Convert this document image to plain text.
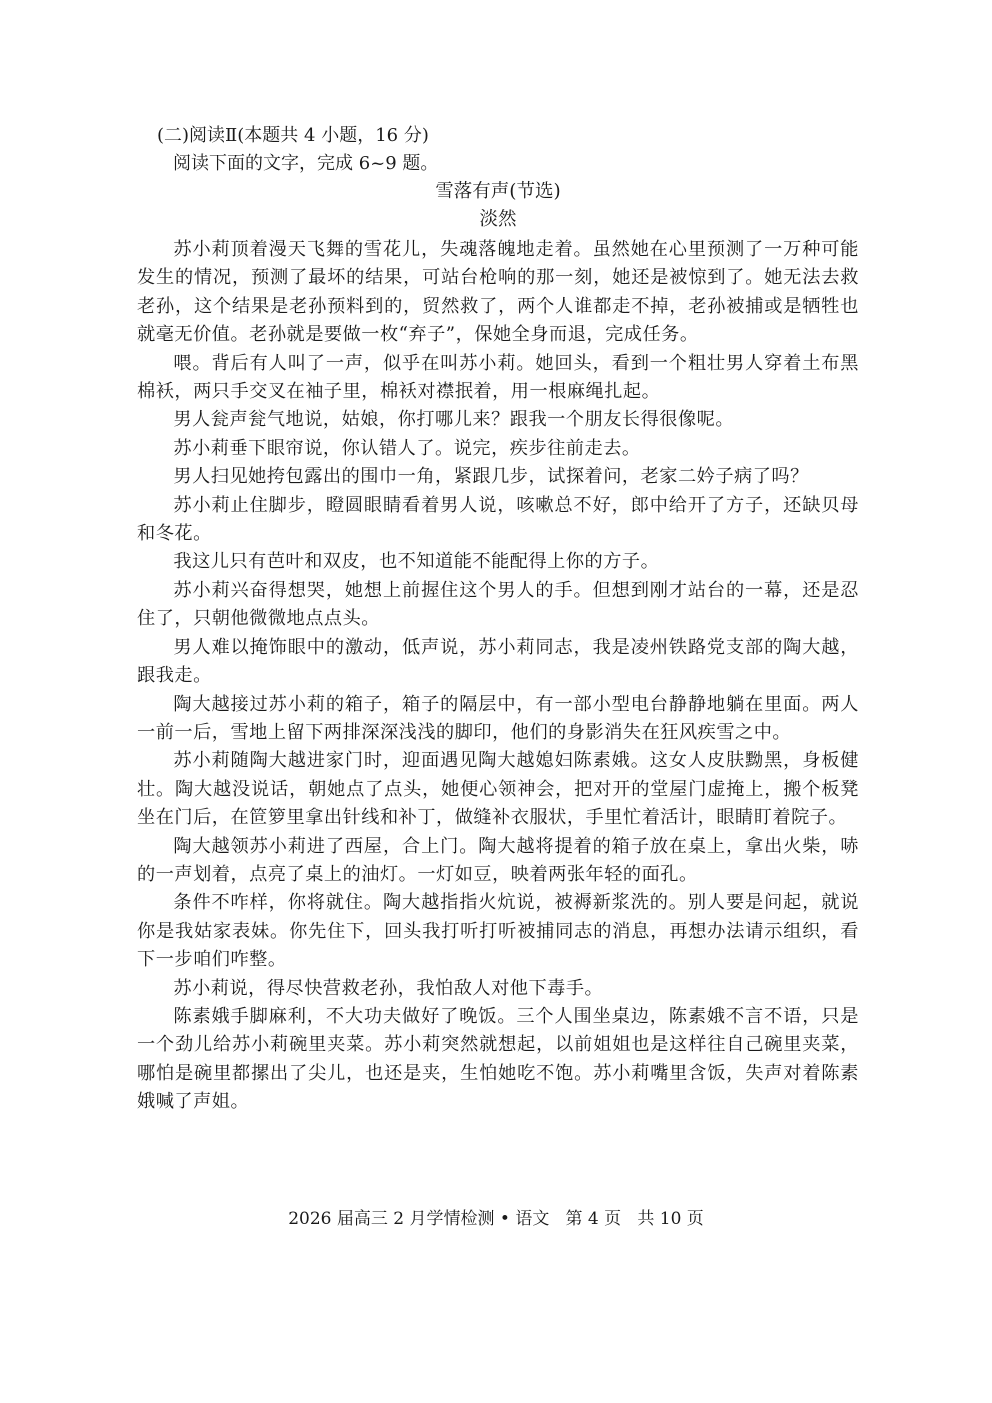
(二)阅读Ⅱ(本题共 4 小题，16 分)

阅读下面的文字，完成 6~9 题。

雪落有声(节选)

淡然

苏小莉顶着漫天飞舞的雪花儿，失魂落魄地走着。虽然她在心里预测了一万种可能发生的情况，预测了最坏的结果，可站台枪响的那一刻，她还是被惊到了。她无法去救老孙，这个结果是老孙预料到的，贸然救了，两个人谁都走不掉，老孙被捕或是牺牲也就毫无价值。老孙就是要做一枚“弃子”，保她全身而退，完成任务。

喂。背后有人叫了一声，似乎在叫苏小莉。她回头，看到一个粗壮男人穿着土布黑棉袄，两只手交叉在袖子里，棉袄对襟抿着，用一根麻绳扎起。

男人瓮声瓮气地说，姑娘，你打哪儿来？跟我一个朋友长得很像呢。

苏小莉垂下眼帘说，你认错人了。说完，疾步往前走去。

男人扫见她挎包露出的围巾一角，紧跟几步，试探着问，老家二妗子病了吗？

苏小莉止住脚步，瞪圆眼睛看着男人说，咳嗽总不好，郎中给开了方子，还缺贝母和冬花。

我这儿只有芭叶和双皮，也不知道能不能配得上你的方子。

苏小莉兴奋得想哭，她想上前握住这个男人的手。但想到刚才站台的一幕，还是忍住了，只朝他微微地点点头。

男人难以掩饰眼中的激动，低声说，苏小莉同志，我是凌州铁路党支部的陶大越，跟我走。

陶大越接过苏小莉的箱子，箱子的隔层中，有一部小型电台静静地躺在里面。两人一前一后，雪地上留下两排深深浅浅的脚印，他们的身影消失在狂风疾雪之中。

苏小莉随陶大越进家门时，迎面遇见陶大越媳妇陈素娥。这女人皮肤黝黑，身板健壮。陶大越没说话，朝她点了点头，她便心领神会，把对开的堂屋门虚掩上，搬个板凳坐在门后，在笸箩里拿出针线和补丁，做缝补衣服状，手里忙着活计，眼睛盯着院子。

陶大越领苏小莉进了西屋，合上门。陶大越将提着的箱子放在桌上，拿出火柴，哧的一声划着，点亮了桌上的油灯。一灯如豆，映着两张年轻的面孔。

条件不咋样，你将就住。陶大越指指火炕说，被褥新浆洗的。别人要是问起，就说你是我姑家表妹。你先住下，回头我打听打听被捕同志的消息，再想办法请示组织，看下一步咱们咋整。

苏小莉说，得尽快营救老孙，我怕敌人对他下毒手。

陈素娥手脚麻利，不大功夫做好了晚饭。三个人围坐桌边，陈素娥不言不语，只是一个劲儿给苏小莉碗里夹菜。苏小莉突然就想起，以前姐姐也是这样往自己碗里夹菜，哪怕是碗里都摞出了尖儿，也还是夹，生怕她吃不饱。苏小莉嘴里含饭，失声对着陈素娥喊了声姐。

2026 届高三 2 月学情检测 • 语文   第 4 页   共 10 页
